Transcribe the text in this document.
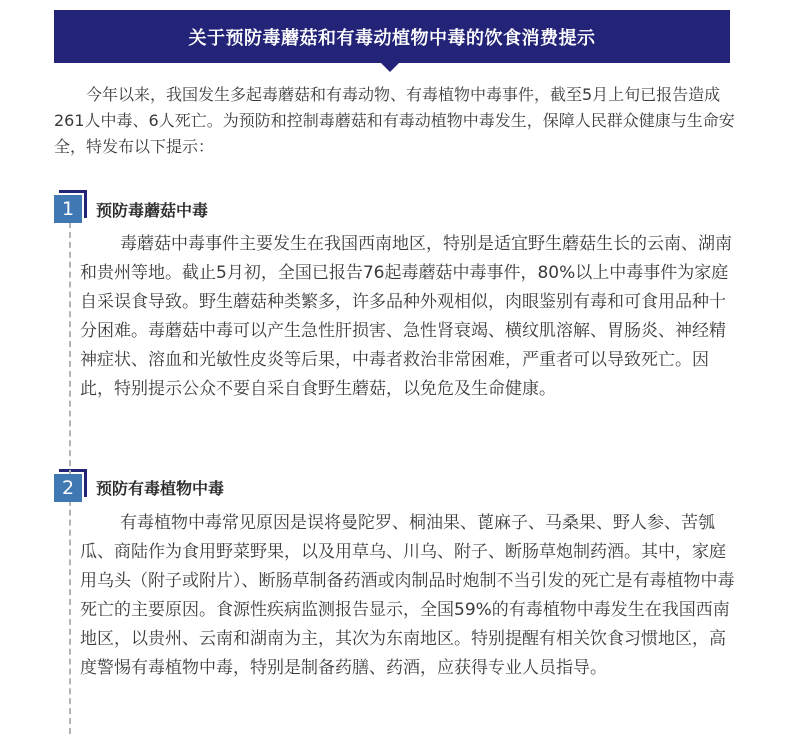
关于预防毒蘑菇和有毒动植物中毒的饮食消费提示

今年以来，我国发生多起毒蘑菇和有毒动物、有毒植物中毒事件，截至5月上旬已报告造成261人中毒、6人死亡。为预防和控制毒蘑菇和有毒动植物中毒发生，保障人民群众健康与生命安全，特发布以下提示：

1	预防毒蘑菇中毒

毒蘑菇中毒事件主要发生在我国西南地区，特别是适宜野生蘑菇生长的云南、湖南和贵州等地。截止5月初，全国已报告76起毒蘑菇中毒事件，80%以上中毒事件为家庭自采误食导致。野生蘑菇种类繁多，许多品种外观相似，肉眼鉴别有毒和可食用品种十分困难。毒蘑菇中毒可以产生急性肝损害、急性肾衰竭、横纹肌溶解、胃肠炎、神经精神症状、溶血和光敏性皮炎等后果，中毒者救治非常困难，严重者可以导致死亡。因此，特别提示公众不要自采自食野生蘑菇，以免危及生命健康。

2	预防有毒植物中毒

有毒植物中毒常见原因是误将曼陀罗、桐油果、蓖麻子、马桑果、野人参、苦瓠瓜、商陆作为食用野菜野果，以及用草乌、川乌、附子、断肠草炮制药酒。其中，家庭用乌头（附子或附片）、断肠草制备药酒或肉制品时炮制不当引发的死亡是有毒植物中毒死亡的主要原因。食源性疾病监测报告显示，全国59%的有毒植物中毒发生在我国西南地区，以贵州、云南和湖南为主，其次为东南地区。特别提醒有相关饮食习惯地区，高度警惕有毒植物中毒，特别是制备药膳、药酒，应获得专业人员指导。
